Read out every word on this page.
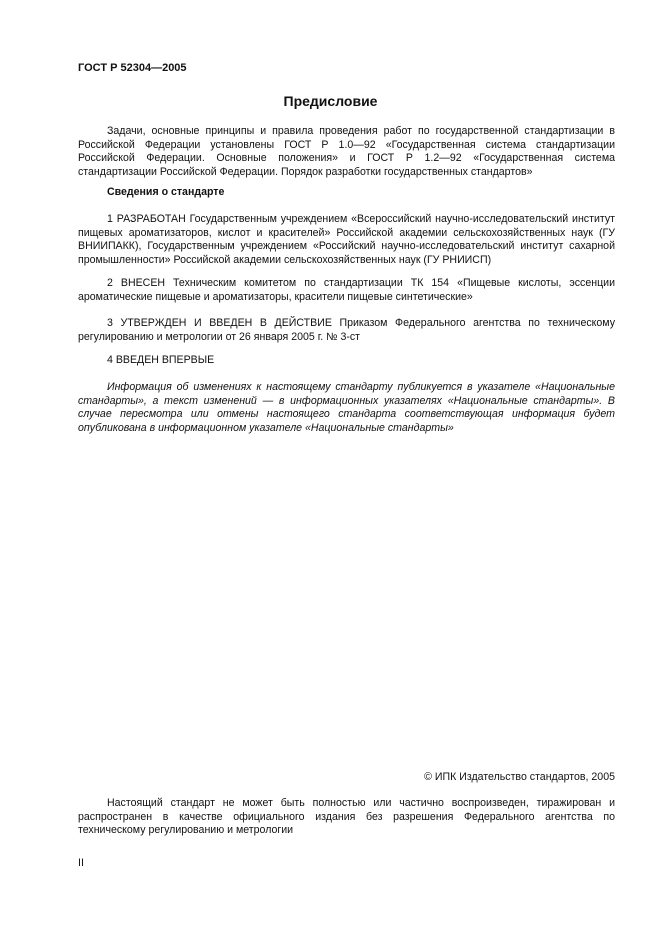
ГОСТ Р 52304—2005
Предисловие
Задачи, основные принципы и правила проведения работ по государственной стандартизации в Российской Федерации установлены ГОСТ Р 1.0—92 «Государственная система стандартизации Российской Федерации. Основные положения» и ГОСТ Р 1.2—92 «Государственная система стандартизации Российской Федерации. Порядок разработки государственных стандартов»
Сведения о стандарте
1 РАЗРАБОТАН Государственным учреждением «Всероссийский научно-исследовательский институт пищевых ароматизаторов, кислот и красителей» Российской академии сельскохозяйственных наук (ГУ ВНИИПАКК), Государственным учреждением «Российский научно-исследовательский институт сахарной промышленности» Российской академии сельскохозяйственных наук (ГУ РНИИСП)
2 ВНЕСЕН Техническим комитетом по стандартизации ТК 154 «Пищевые кислоты, эссенции ароматические пищевые и ароматизаторы, красители пищевые синтетические»
3 УТВЕРЖДЕН И ВВЕДЕН В ДЕЙСТВИЕ Приказом Федерального агентства по техническому регулированию и метрологии от 26 января 2005 г. № 3-ст
4 ВВЕДЕН ВПЕРВЫЕ
Информация об изменениях к настоящему стандарту публикуется в указателе «Национальные стандарты», а текст изменений — в информационных указателях «Национальные стандарты». В случае пересмотра или отмены настоящего стандарта соответствующая информация будет опубликована в информационном указателе «Национальные стандарты»
© ИПК Издательство стандартов, 2005
Настоящий стандарт не может быть полностью или частично воспроизведен, тиражирован и распространен в качестве официального издания без разрешения Федерального агентства по техническому регулированию и метрологии
II
